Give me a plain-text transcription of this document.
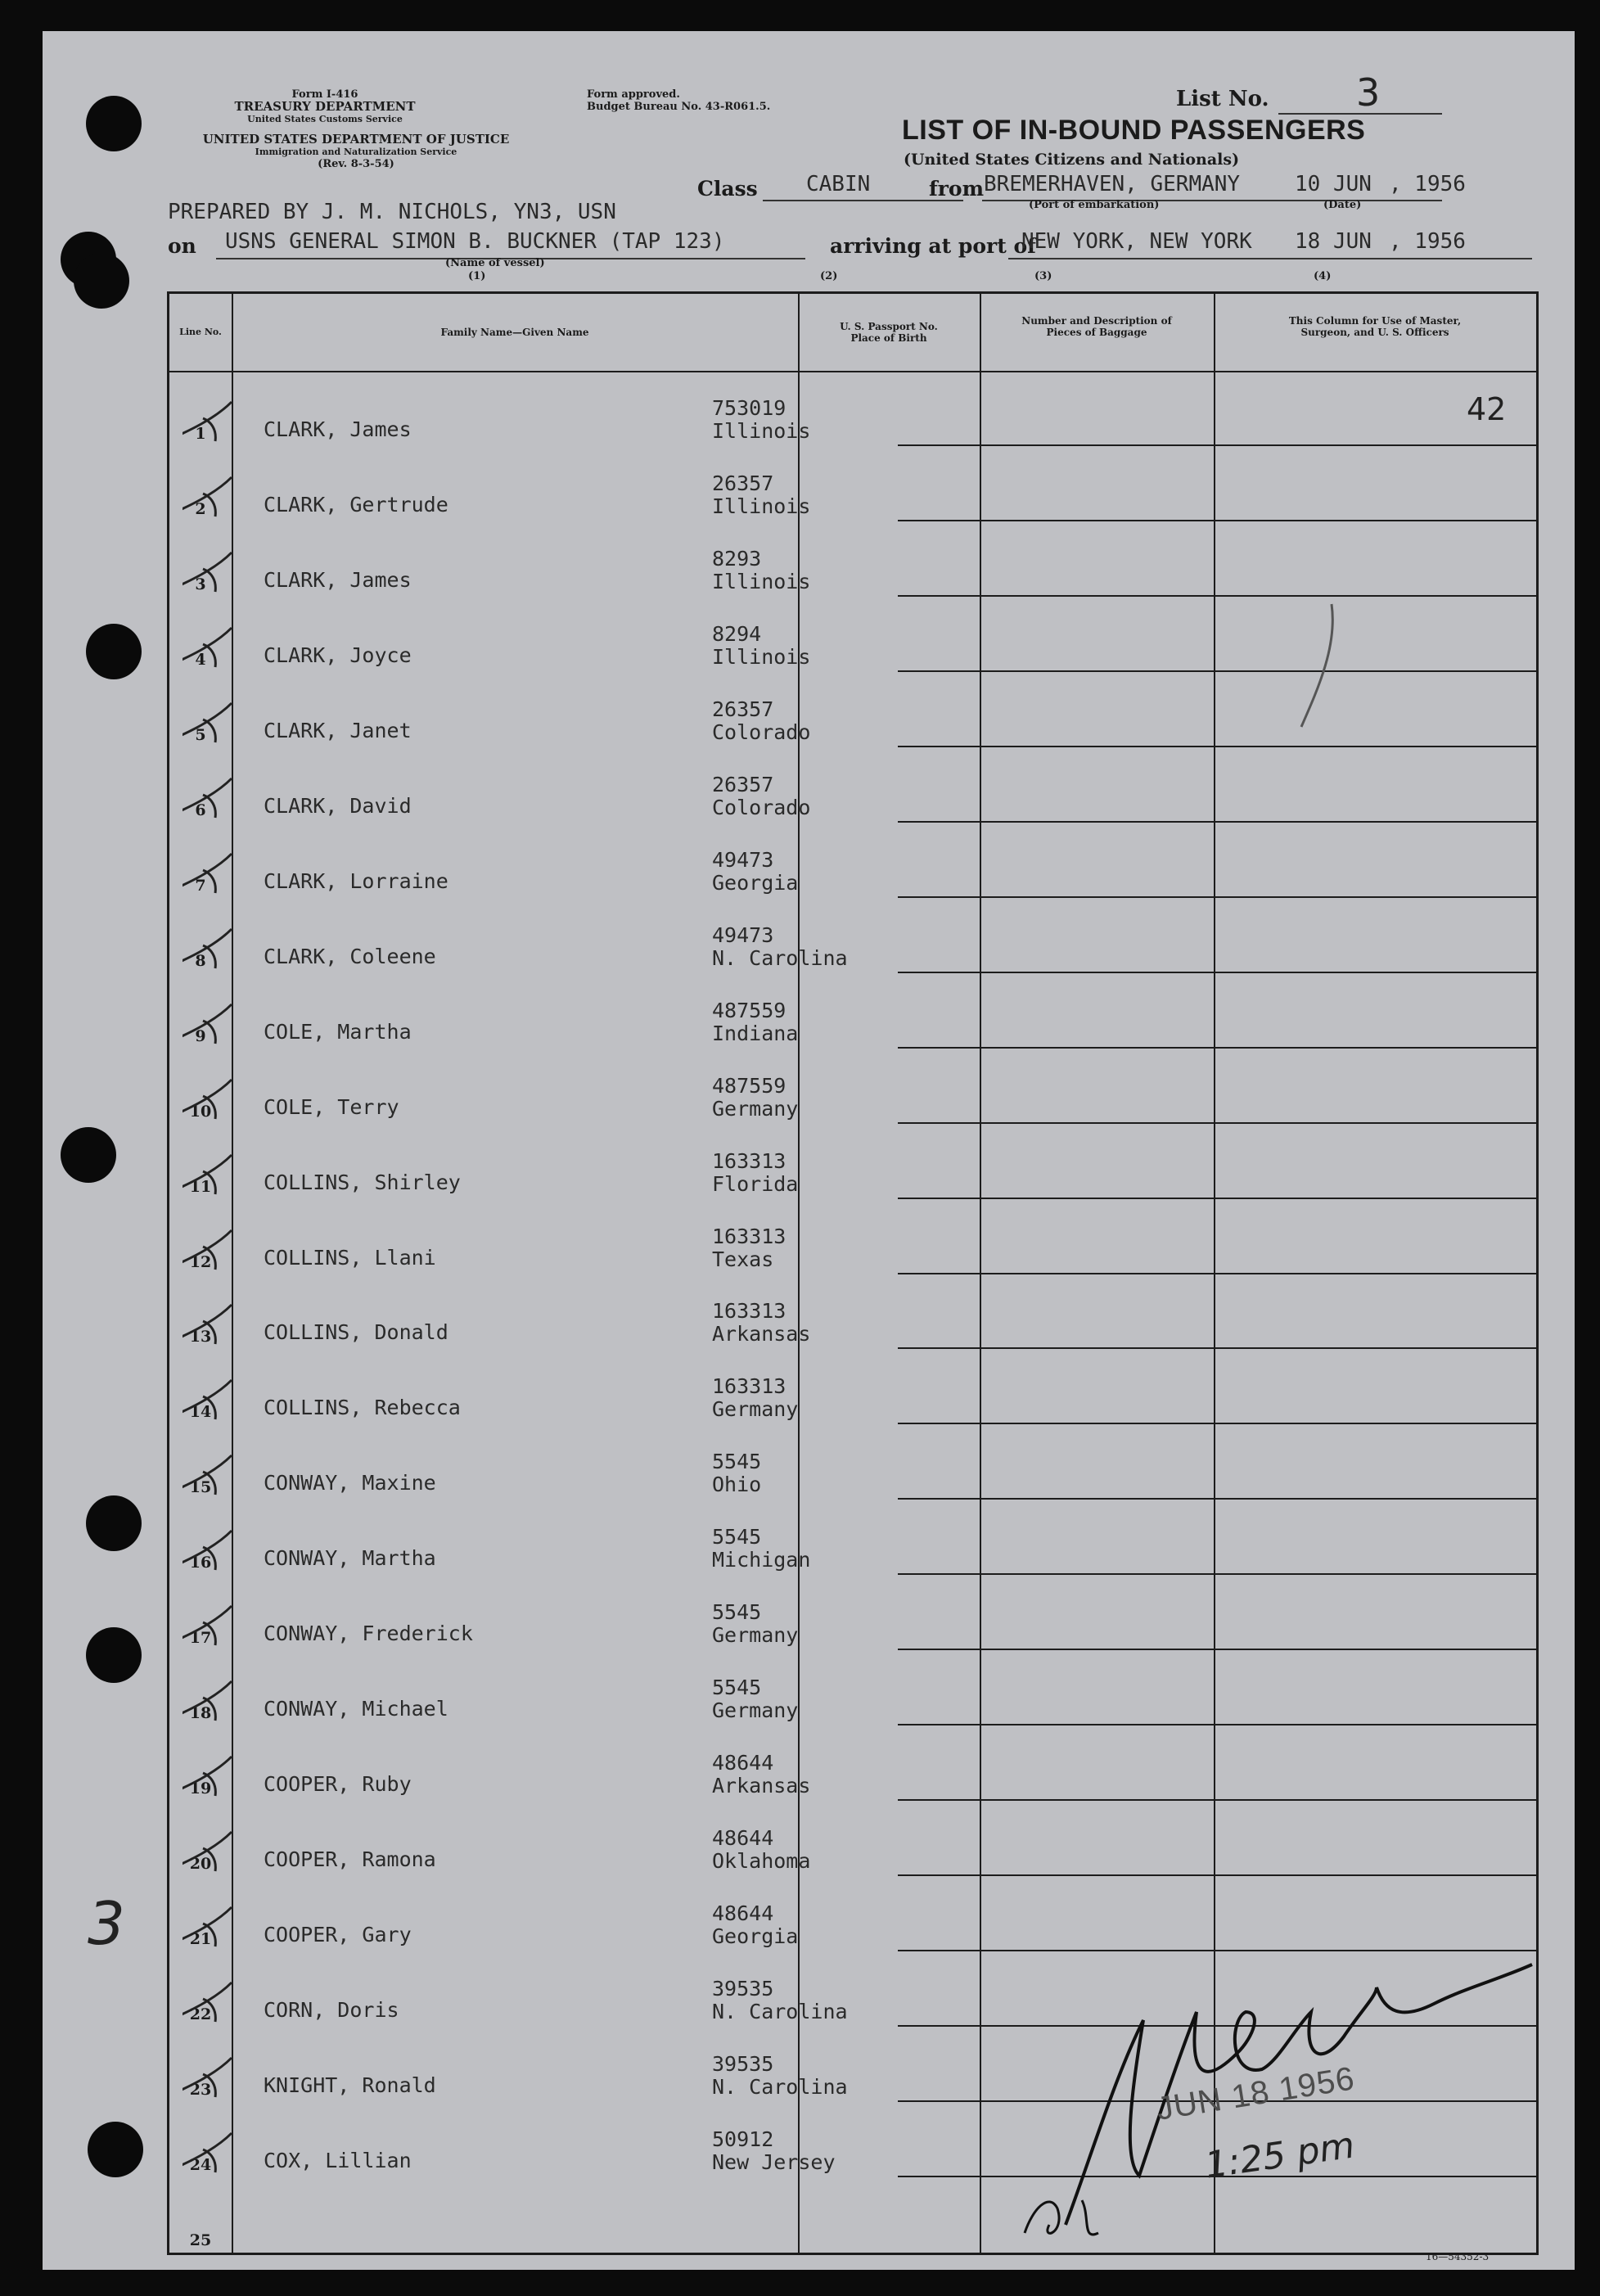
Form I-416
TREASURY DEPARTMENT
United States Customs Service
UNITED STATES DEPARTMENT OF JUSTICE
Immigration and Naturalization Service
(Rev. 8-3-54)
Form approved.
Budget Bureau No. 43-R061.5.	List No. 3
LIST OF IN-BOUND PASSENGERS
(United States Citizens and Nationals)
Class CABIN	from BREMERHAVEN, GERMANY
(Port of embarkation)
10 JUN , 1956
(Date)
PREPARED BY J. M. NICHOLS, YN3, USN
on USNS GENERAL SIMON B. BUCKNER (TAP 123)
(Name of vessel)
arriving at port of
NEW YORK, NEW YORK 18 JUN , 1956
(1)	(2)	(3)	(4)
Line No.	Family Name—Given Name	U. S. Passport No. Place of Birth
Number and Description of Pieces of Baggage
This Column for Use of Master, Surgeon, and U. S. Officers
1	CLARK, James
753019
Illinois
2	CLARK, Gertrude
26357
Illinois
3	CLARK, James
8293
Illinois
4	CLARK, Joyce
8294
Illinois
5	CLARK, Janet
26357
Colorado
6	CLARK, David
26357
Colorado
7	CLARK, Lorraine
49473
Georgia
8	CLARK, Coleene
49473
N. Carolina
9	COLE, Martha
487559
Indiana
10	COLE, Terry
487559
Germany
11	COLLINS, Shirley
163313
Florida
12	COLLINS, Llani
163313
Texas
13	COLLINS, Donald
163313
Arkansas
14	COLLINS, Rebecca
163313
Germany
15	CONWAY, Maxine
5545
Ohio
16	CONWAY, Martha
5545
Michigan
17	CONWAY, Frederick
5545
Germany
18	CONWAY, Michael
5545
Germany
19	COOPER, Ruby
48644
Arkansas
20	COOPER, Ramona
48644
Oklahoma
21	COOPER, Gary
48644
Georgia
22	CORN, Doris
39535
N. Carolina
23	KNIGHT, Ronald
39535
N. Carolina
24	COX, Lillian
50912
New Jersey
25
42
3
JUN 18 1956
1:25 pm
16—54352-3
